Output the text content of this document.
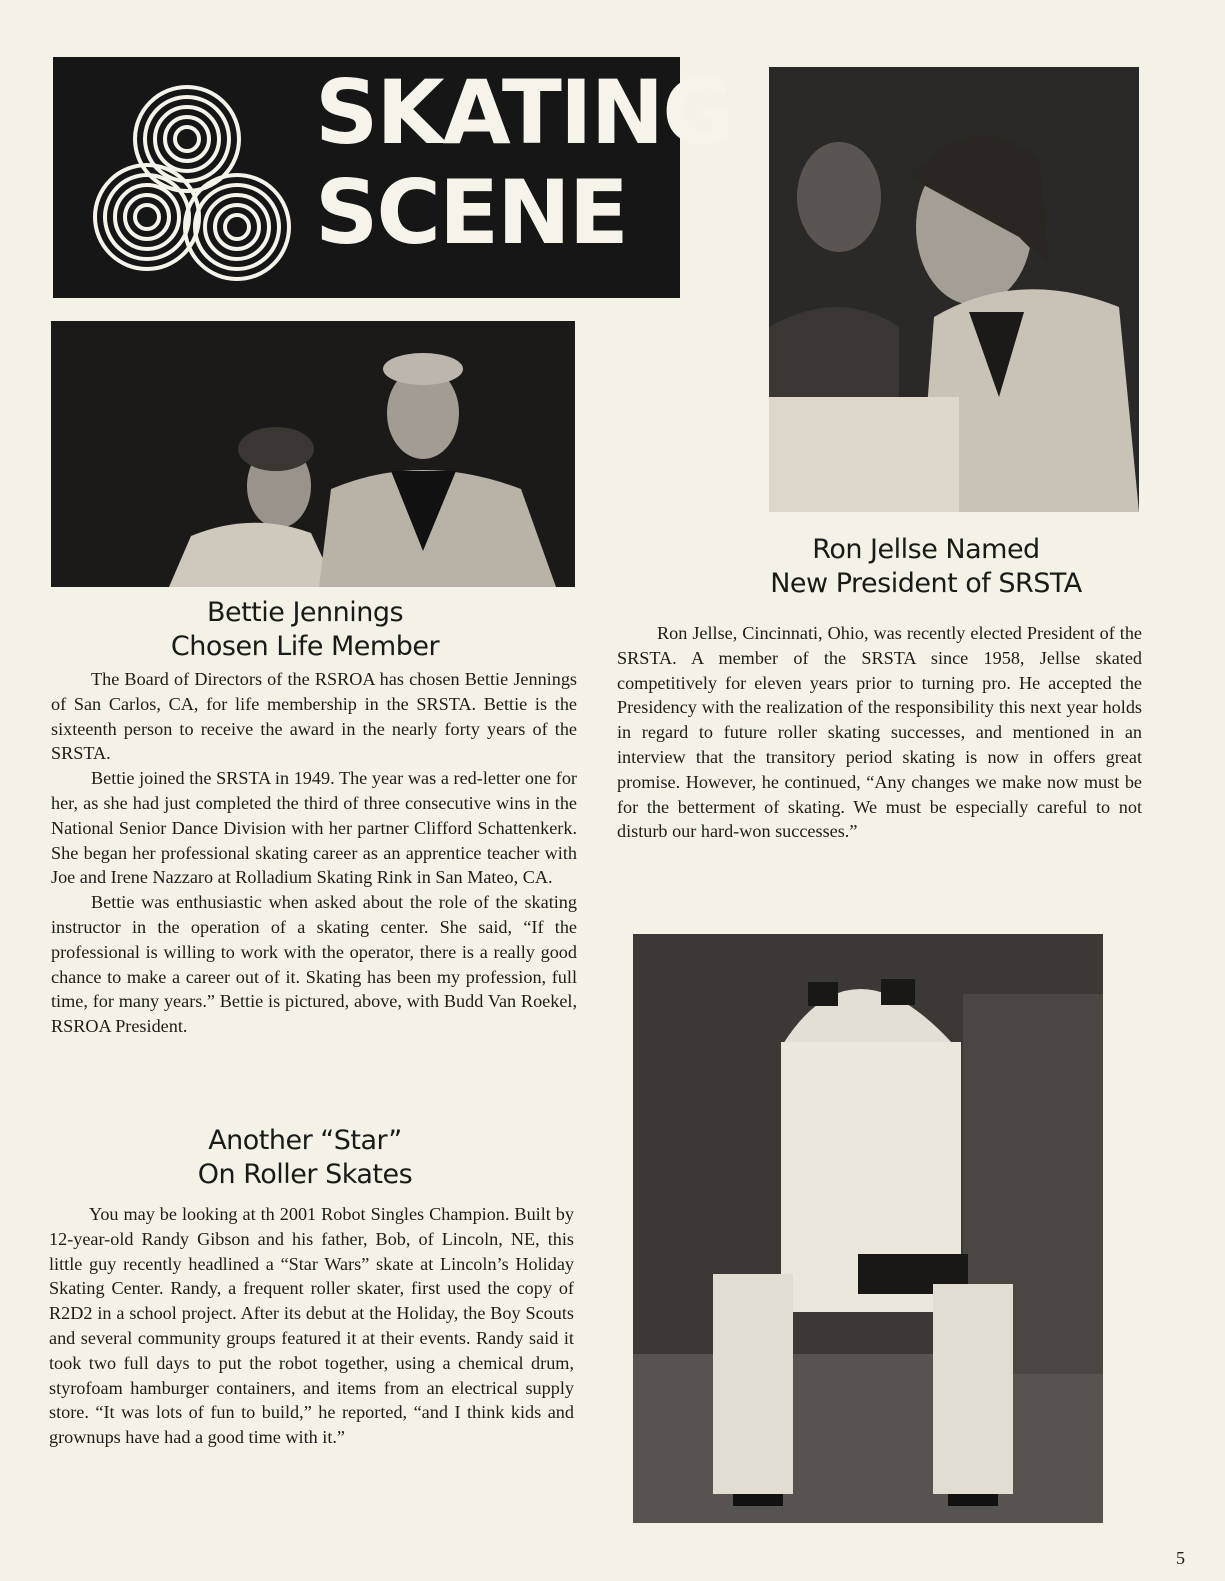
SKATING
SCENE
Ron Jellse Named
New President of SRSTA

Ron Jellse, Cincinnati, Ohio, was recently elected President of the SRSTA. A member of the SRSTA since 1958, Jellse skated competitively for eleven years prior to turning pro. He accepted the Presidency with the realization of the responsibility this next year holds in regard to future roller skating successes, and mentioned in an interview that the transitory period skating is now in offers great promise. However, he continued, “Any changes we make now must be for the betterment of skating. We must be especially careful to not disturb our hard-won successes.”

Bettie Jennings
Chosen Life Member

The Board of Directors of the RSROA has chosen Bettie Jennings of San Carlos, CA, for life membership in the SRSTA. Bettie is the sixteenth person to receive the award in the nearly forty years of the SRSTA.

Bettie joined the SRSTA in 1949. The year was a red-letter one for her, as she had just completed the third of three consecutive wins in the National Senior Dance Division with her partner Clifford Schattenkerk. She began her professional skating career as an apprentice teacher with Joe and Irene Nazzaro at Rolladium Skating Rink in San Mateo, CA.

Bettie was enthusiastic when asked about the role of the skating instructor in the operation of a skating center. She said, “If the professional is willing to work with the operator, there is a really good chance to make a career out of it. Skating has been my profession, full time, for many years.” Bettie is pictured, above, with Budd Van Roekel, RSROA President.

Another “Star”
On Roller Skates

You may be looking at th 2001 Robot Singles Champion. Built by 12-year-old Randy Gibson and his father, Bob, of Lincoln, NE, this little guy recently headlined a “Star Wars” skate at Lincoln’s Holiday Skating Center. Randy, a frequent roller skater, first used the copy of R2D2 in a school project. After its debut at the Holiday, the Boy Scouts and several community groups featured it at their events. Randy said it took two full days to put the robot together, using a chemical drum, styrofoam hamburger containers, and items from an electrical supply store. “It was lots of fun to build,” he reported, “and I think kids and grownups have had a good time with it.”

5
